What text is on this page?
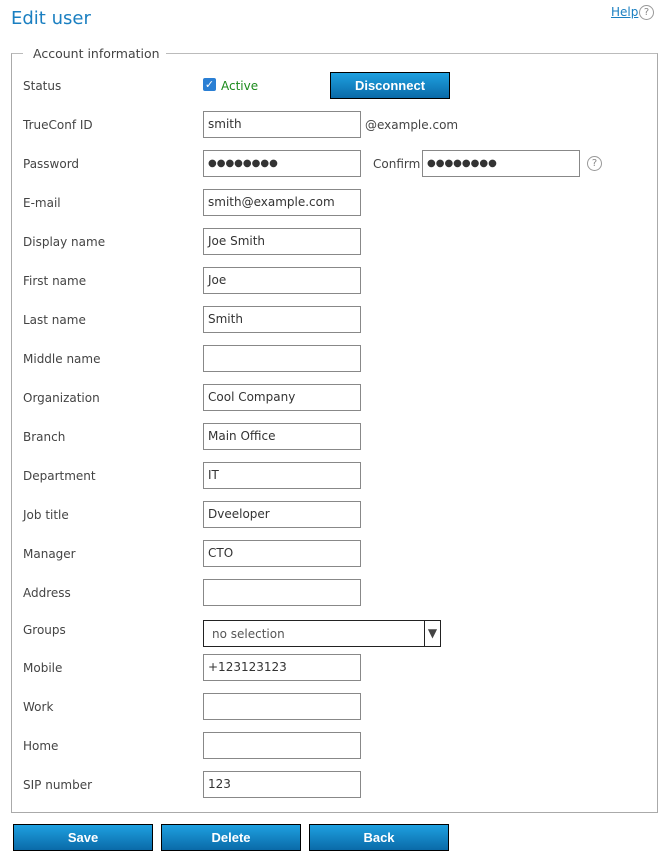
Edit user	Help ?
Account information
Status	✓ Active	Disconnect
TrueConf ID	smith	@example.com
Password	●●●●●●●●	Confirm ●●●●●●●●	?
E-mail	smith@example.com
Display name	Joe Smith
First name	Joe
Last name	Smith
Middle name
Organization	Cool Company
Branch	Main Office
Department	IT
Job title	Dveeloper
Manager	CTO
Address
Groups	no selection	▼
Mobile	+123123123
Work
Home
SIP number	123
Save	Delete	Back
